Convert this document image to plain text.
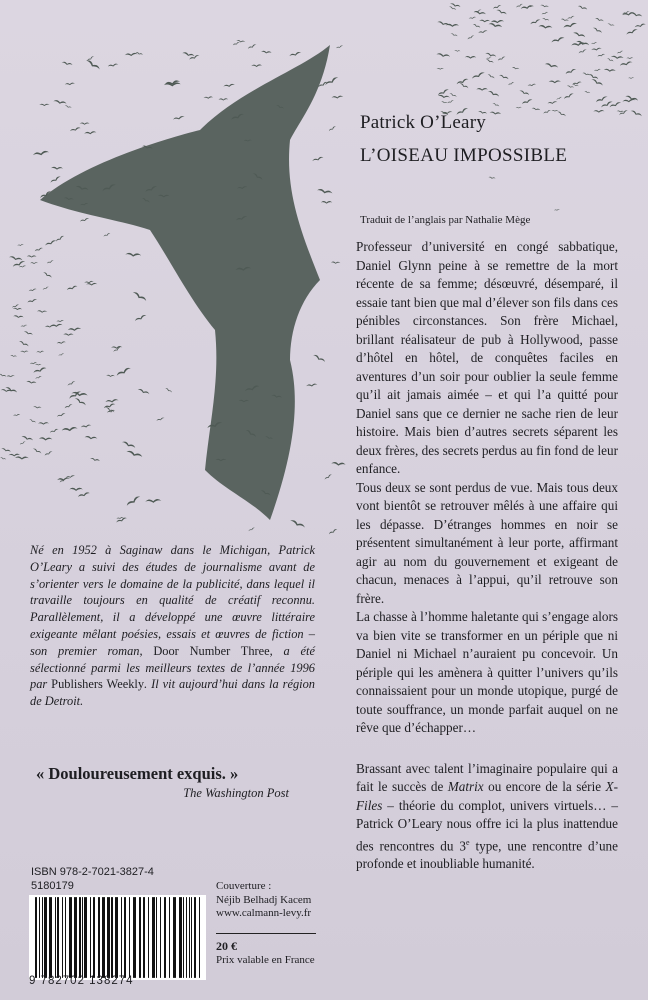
Patrick O’Leary
L’OISEAU IMPOSSIBLE
Traduit de l’anglais par Nathalie Mège

Professeur d’université en congé sabbatique, Daniel Glynn peine à se remettre de la mort récente de sa femme; désœuvré, désemparé, il essaie tant bien que mal d’élever son fils dans ces pénibles circonstances. Son frère Michael, brillant réalisateur de pub à Hollywood, passe d’hôtel en hôtel, de conquêtes faciles en aventures d’un soir pour oublier la seule femme qu’il ait jamais aimée – et qui l’a quitté pour Daniel sans que ce dernier ne sache rien de leur histoire. Mais bien d’autres secrets séparent les deux frères, des secrets perdus au fin fond de leur enfance.

Tous deux se sont perdus de vue. Mais tous deux vont bientôt se retrouver mêlés à une affaire qui les dépasse. D’étranges hommes en noir se présentent simultanément à leur porte, affirmant agir au nom du gouvernement et exigeant de chacun, menaces à l’appui, qu’il retrouve son frère.

La chasse à l’homme haletante qui s’engage alors va bien vite se transformer en un périple que ni Daniel ni Michael n’auraient pu concevoir. Un périple qui les amènera à quitter l’univers qu’ils connaissaient pour un monde utopique, purgé de toute souffrance, un monde parfait auquel on ne rêve que d’échapper…

Brassant avec talent l’imaginaire populaire qui a fait le succès de Matrix ou encore de la série X-Files – théorie du complot, univers virtuels… – Patrick O’Leary nous offre ici la plus inattendue des rencontres du 3e type, une rencontre d’une profonde et inoubliable humanité.

Né en 1952 à Saginaw dans le Michigan, Patrick O’Leary a suivi des études de journalisme avant de s’orienter vers le domaine de la publicité, dans lequel il travaille toujours en qualité de créatif reconnu. Parallèlement, il a développé une œuvre littéraire exigeante mêlant poésies, essais et œuvres de fiction – son premier roman, Door Number Three, a été sélectionné parmi les meilleurs textes de l’année 1996 par Publishers Weekly. Il vit aujourd’hui dans la région de Detroit.
« Douloureusement exquis. »
The Washington Post
ISBN 978-2-7021-3827-4
5180179
9 782702 138274
Couverture :
Néjib Belhadj Kacem
www.calmann-levy.fr
20 €
Prix valable en France
